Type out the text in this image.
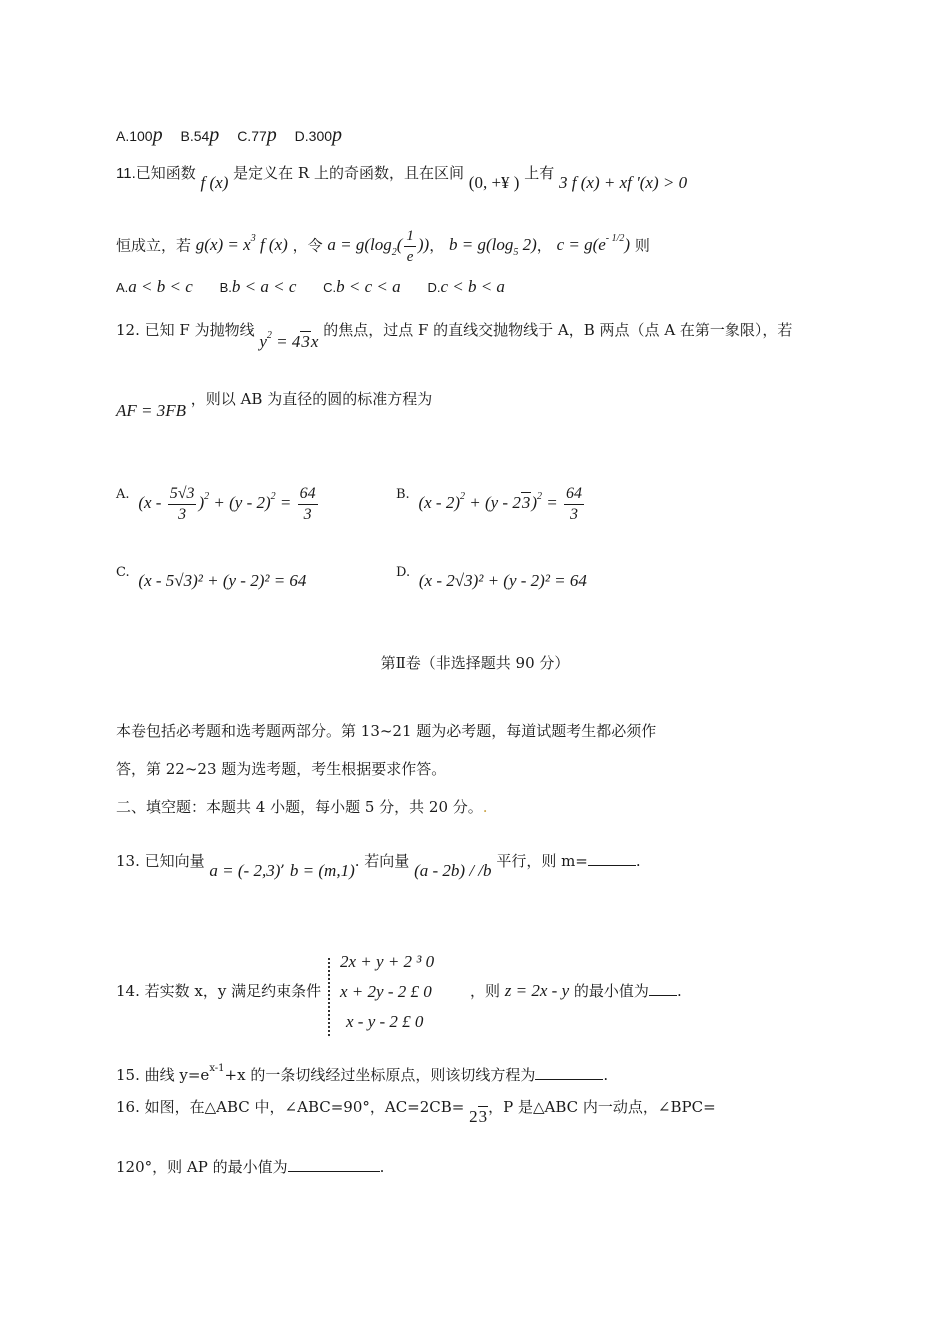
A.100p B.54p C.77p D.300p
11.已知函数 f (x) 是定义在 R 上的奇函数，且在区间 (0, +¥ ) 上有 3 f (x) + xf '(x) > 0
恒成立，若 $g(x) = x^3$ f (x) ，令 $a = g(\log_2( \frac{1}{e}$ ))， $b = g(\log_5$ 2)， $c = g(e^{- 1/2})$ 则
A.a < b < c B.b < a < c C.b < c < a D.c < b < a
12. 已知 F 为抛物线 $y^2 = 43x$ 的焦点，过点 F 的直线交抛物线于 A，B 两点（点 A 在第一象限），若
AF = 3FB ，则以 AB 为直径的圆的标准方程为
A. $(x - \frac{5√3}{3} )^2 + (y - 2)^2 = \frac{64}{3}$	B. $(x - 2)^2 + (y - 23)^2 = \frac{64}{3}$
C. (x - 5√3)² + (y - 2)² = 64	D. (x - 2√3)² + (y - 2)² = 64
第Ⅱ卷（非选择题共 90 分）
本卷包括必考题和选考题两部分。第 13~21 题为必考题，每道试题考生都必须作
答，第 22~23 题为选考题，考生根据要求作答。
二、填空题：本题共 4 小题，每小题 5 分，共 20 分。.
13. 已知向量 a = (- 2,3), b = (m,1). 若向量 (a - 2b) / /b 平行，则 m=	.
14. 若实数 x，y 满足约束条件
2x + y + 2 ³ 0
x + 2y - 2 £ 0
x - y - 2 £ 0
，则 z = 2x - y 的最小值为 .
15. 曲线 $y=e^{x-1}+x$ 的一条切线经过坐标原点，则该切线方程为	.
16. 如图，在△ABC 中，∠ABC=90°，AC=2CB= 23，P 是△ABC 内一动点，∠BPC=
120°，则 AP 的最小值为	.
